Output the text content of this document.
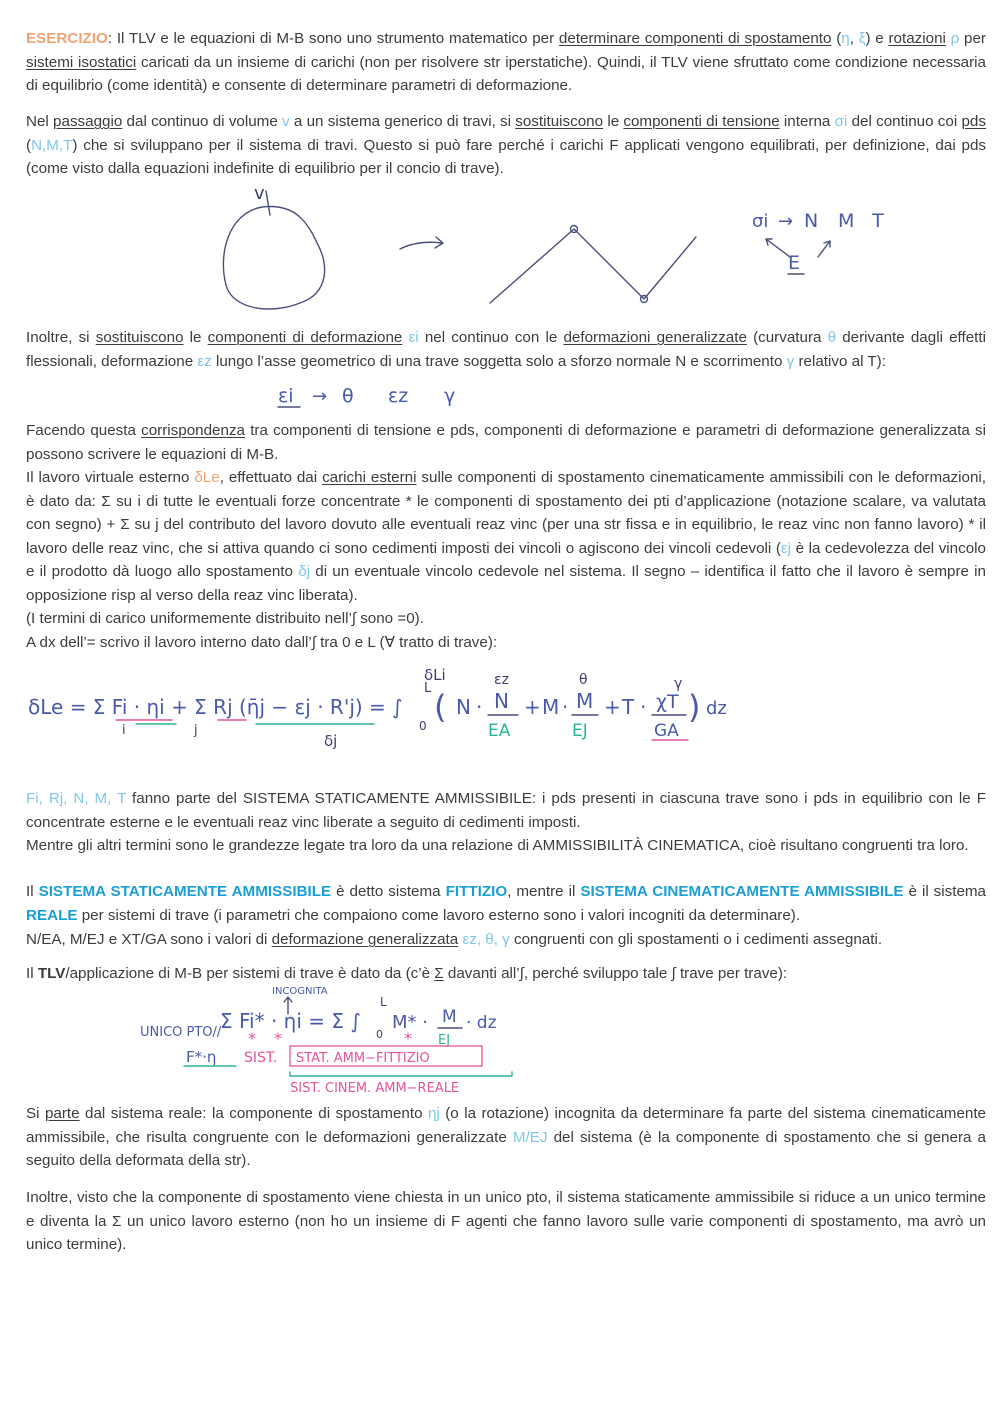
ESERCIZIO: Il TLV e le equazioni di M-B sono uno strumento matematico per determinare componenti di spostamento (η, ξ) e rotazioni ρ per sistemi isostatici caricati da un insieme di carichi (non per risolvere str iperstatiche). Quindi, il TLV viene sfruttato come condizione necessaria di equilibrio (come identità) e consente di determinare parametri di deformazione.

Nel passaggio dal continuo di volume v a un sistema generico di travi, si sostituiscono le componenti di tensione interna σi del continuo coi pds (N,M,T) che si sviluppano per il sistema di travi. Questo si può fare perché i carichi F applicati vengono equilibrati, per definizione, dai pds (come visto dalla equazioni indefinite di equilibrio per il concio di trave).

v
σi → N M T
E

Inoltre, si sostituiscono le componenti di deformazione εi nel continuo con le deformazioni generalizzate (curvatura θ derivante dagli effetti flessionali, deformazione εz lungo l’asse geometrico di una trave soggetta solo a sforzo normale N e scorrimento γ relativo al T):

εi → θ εz γ

Facendo questa corrispondenza tra componenti di tensione e pds, componenti di deformazione e parametri di deformazione generalizzata si possono scrivere le equazioni di M-B.

Il lavoro virtuale esterno δLe, effettuato dai carichi esterni sulle componenti di spostamento cinematicamente ammissibili con le deformazioni, è dato da: Σ su i di tutte le eventuali forze concentrate * le componenti di spostamento dei pti d’applicazione (notazione scalare, va valutata con segno) + Σ su j del contributo del lavoro dovuto alle eventuali reaz vinc (per una str fissa e in equilibrio, le reaz vinc non fanno lavoro) * il lavoro delle reaz vinc, che si attiva quando ci sono cedimenti imposti dei vincoli o agiscono dei vincoli cedevoli (εj è la cedevolezza del vincolo e il prodotto dà luogo allo spostamento δj di un eventuale vincolo cedevole nel sistema. Il segno – identifica il fatto che il lavoro è sempre in opposizione risp al verso della reaz vinc liberata).

(I termini di carico uniformemente distribuito nell’∫ sono =0).

A dx dell’= scrivo il lavoro interno dato dall’∫ tra 0 e L (∀ tratto di trave):

δLe = Σ Fi · ηi + Σ Rj (η̄j − εj · R'j) = ∫
i	j
δj
0
L (
δLi	εz
N · N
EA
+
θ
M · M
EJ
+
γ
T · χT
GA
) dz

Fi, Rj, N, M, T fanno parte del SISTEMA STATICAMENTE AMMISSIBILE: i pds presenti in ciascuna trave sono i pds in equilibrio con le F concentrate esterne e le eventuali reaz vinc liberate a seguito di cedimenti imposti.

Mentre gli altri termini sono le grandezze legate tra loro da una relazione di AMMISSIBILITÀ CINEMATICA, cioè risultano congruenti tra loro.

Il SISTEMA STATICAMENTE AMMISSIBILE è detto sistema FITTIZIO, mentre il SISTEMA CINEMATICAMENTE AMMISSIBILE è il sistema REALE per sistemi di trave (i parametri che compaiono come lavoro esterno sono i valori incogniti da determinare).

N/EA, M/EJ e XT/GA sono i valori di deformazione generalizzata εz, θ, γ congruenti con gli spostamenti o i cedimenti assegnati.

Il TLV/applicazione di M-B per sistemi di trave è dato da (c’è Σ davanti all’∫, perché sviluppo tale ∫ trave per trave):

INCOGNITA
UNICO PTO//
Σ Fi* · ηi = Σ ∫
0
L
M* · M
EJ
· dz
* *	*
F*·η SIST. STAT. AMM−FITTIZIO
SIST. CINEM. AMM−REALE

Si parte dal sistema reale: la componente di spostamento ηj (o la rotazione) incognita da determinare fa parte del sistema cinematicamente ammissibile, che risulta congruente con le deformazioni generalizzate M/EJ del sistema (è la componente di spostamento che si genera a seguito della deformata della str).

Inoltre, visto che la componente di spostamento viene chiesta in un unico pto, il sistema staticamente ammissibile si riduce a un unico termine e diventa la Σ un unico lavoro esterno (non ho un insieme di F agenti che fanno lavoro sulle varie componenti di spostamento, ma avrò un unico termine).
